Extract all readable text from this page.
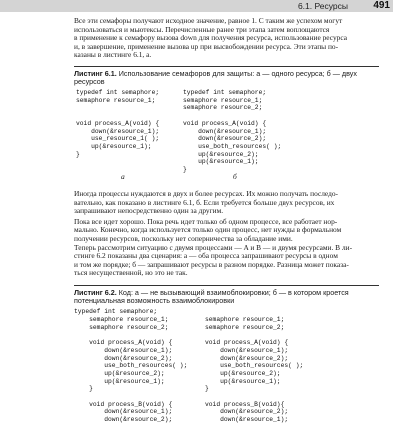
6.1. Ресурсы	491

Все эти семафоры получают исходное значение, равное 1. С таким же успехом могут
использоваться и мьютексы. Перечисленные ранее три этапа затем воплощаются
в применение к семафору вызова down для получения ресурса, использование ресурса
и, в завершение, применение вызова up при высвобождении ресурса. Эти этапы по-
казаны в листинге 6.1, а.

Листинг 6.1. Использование семафоров для защиты: а — одного ресурса; б — двух
ресурсов

typedef int semaphore;
semaphore resource_1;

void process_A(void) {
down(&resource_1);
use_resource_1( );
up(&resource_1);
}
typedef int semaphore;
semaphore resource_1;
semaphore resource_2;

void process_A(void) {
down(&resource_1);
down(&resource_2);
use_both_resources( );
up(&resource_2);
up(&resource_1);
}
а	б

Иногда процессы нуждаются в двух и более ресурсах. Их можно получать последо-
вательно, как показано в листинге 6.1, б. Если требуется больше двух ресурсов, их
запрашивают непосредственно один за другим.
Пока все идет хорошо. Пока речь идет только об одном процессе, все работает нор-
мально. Конечно, когда используется только один процесс, нет нужды в формальном
получении ресурсов, поскольку нет соперничества за обладание ими.
Теперь рассмотрим ситуацию с двумя процессами — A и B — и двумя ресурсами. В ли-
стинге 6.2 показаны два сценария: а — оба процесса запрашивают ресурсы в одном
и том же порядке; б — запрашивают ресурсы в разном порядке. Разница может показа-
ться несущественной, но это не так.

Листинг 6.2. Код: а — не вызывающий взаимоблокировки; б — в котором кроется
потенциальная возможность взаимоблокировки

typedef int semaphore;
semaphore resource_1;
semaphore resource_2;

void process_A(void) {
down(&resource_1);
down(&resource_2);
use_both_resources( );
up(&resource_2);
up(&resource_1);
}

void process_B(void) {
down(&resource_1);
down(&resource_2);
semaphore resource_1;
semaphore resource_2;

void process_A(void) {
down(&resource_1);
down(&resource_2);
use_both_resources( );
up(&resource_2);
up(&resource_1);
}

void process_B(void){
down(&resource_2);
down(&resource_1);
